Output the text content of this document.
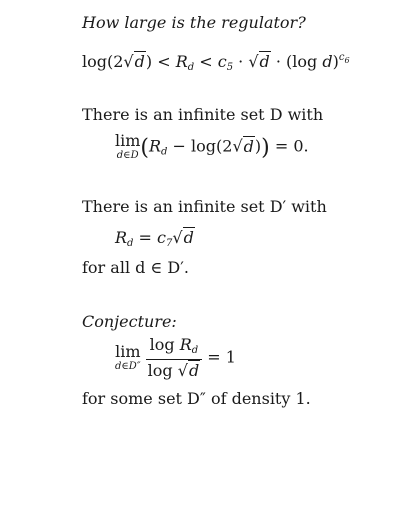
How large is the regulator?
$\log(2√d) < R_d < c_5 \cdot √d \cdot (\log$ d)$^{c_6}$
There is an infinite set D with
lim
d∈D $(R_d - \log(2√d)) = 0$.
There is an infinite set D′ with
$R_d = c_7√d$
for all d ∈ D′.
Conjecture:
lim
d∈D″
$\frac{\log R_d}{\log √d} = 1$
for some set D″ of density 1.
